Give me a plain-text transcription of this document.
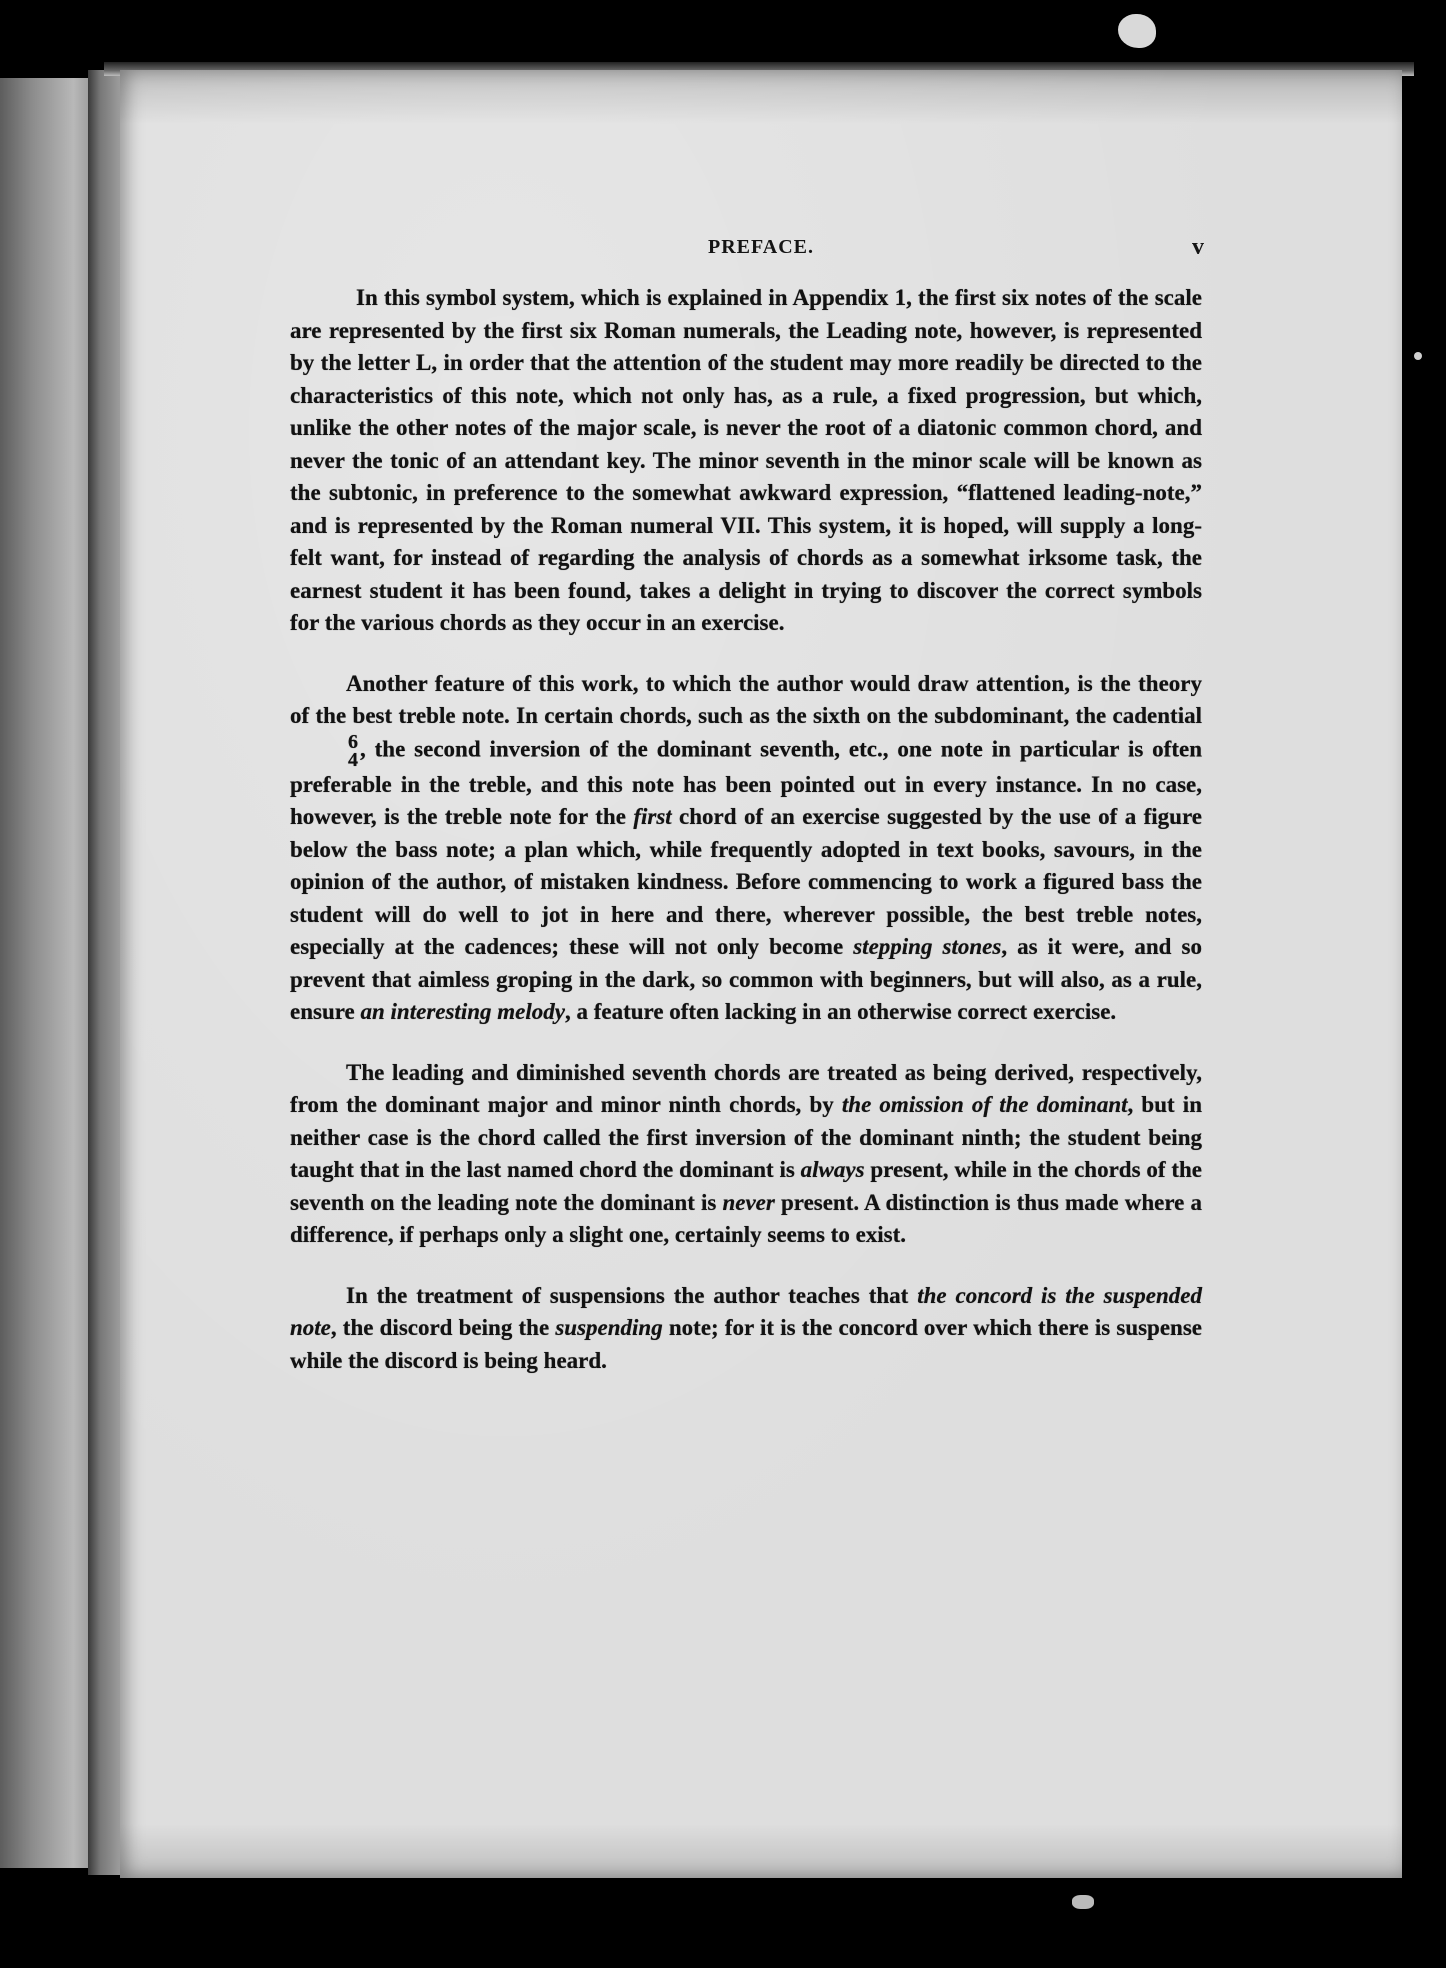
PREFACE.	v

In this symbol system, which is explained in Appendix 1, the first six notes of the scale are represented by the first six Roman numerals, the Leading note, however, is represented by the letter L, in order that the attention of the student may more readily be directed to the characteristics of this note, which not only has, as a rule, a fixed progression, but which, unlike the other notes of the major scale, is never the root of a diatonic common chord, and never the tonic of an attendant key. The minor seventh in the minor scale will be known as the subtonic, in preference to the somewhat awkward expression, “flattened leading-note,” and is represented by the Roman numeral VII. This system, it is hoped, will supply a long-felt want, for instead of regarding the analysis of chords as a somewhat irksome task, the earnest student it has been found, takes a delight in trying to discover the correct symbols for the various chords as they occur in an exercise.

Another feature of this work, to which the author would draw attention, is the theory of the best treble note. In certain chords, such as the sixth on the subdominant, the cadential
6
4 , the second inversion of the dominant seventh, etc., one note in particular is often preferable in the treble, and this note has been pointed out in every instance. In no case, however, is the treble note for the first chord of an exercise suggested by the use of a figure below the bass note; a plan which, while frequently adopted in text books, savours, in the opinion of the author, of mistaken kindness. Before commencing to work a figured bass the student will do well to jot in here and there, wherever possible, the best treble notes, especially at the cadences; these will not only become stepping stones, as it were, and so prevent that aimless groping in the dark, so common with beginners, but will also, as a rule, ensure an interesting melody, a feature often lacking in an otherwise correct exercise.

The leading and diminished seventh chords are treated as being derived, respectively, from the dominant major and minor ninth chords, by the omission of the dominant, but in neither case is the chord called the first inversion of the dominant ninth; the student being taught that in the last named chord the dominant is always present, while in the chords of the seventh on the leading note the dominant is never present. A distinction is thus made where a difference, if perhaps only a slight one, certainly seems to exist.

In the treatment of suspensions the author teaches that the concord is the suspended note, the discord being the suspending note; for it is the concord over which there is suspense while the discord is being heard.
